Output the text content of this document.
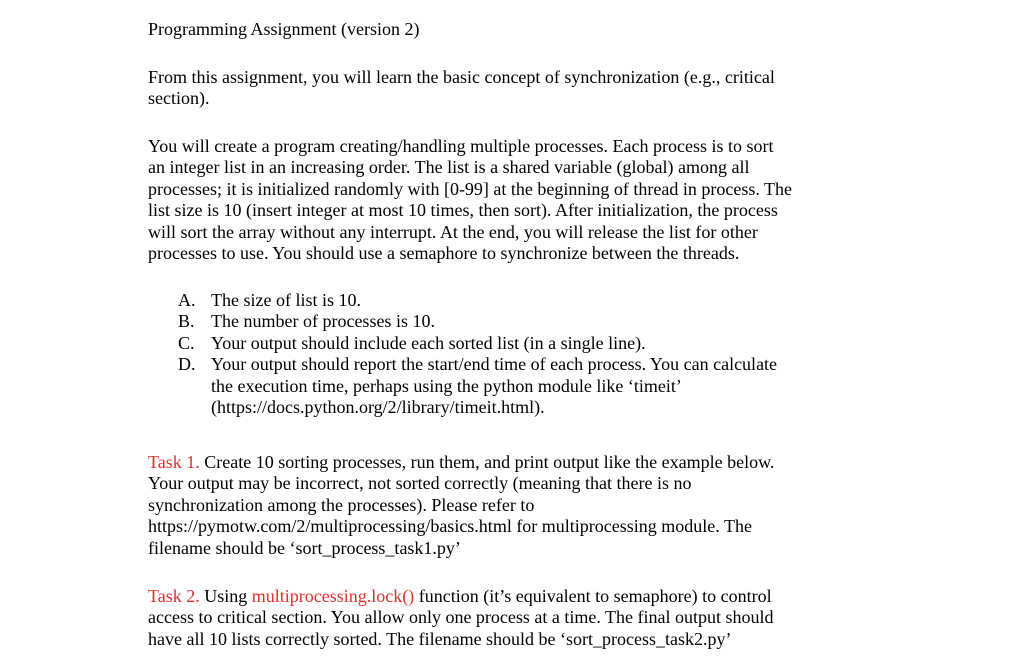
Programming Assignment (version 2)
From this assignment, you will learn the basic concept of synchronization (e.g., critical
section).
You will create a program creating/handling multiple processes. Each process is to sort
an integer list in an increasing order. The list is a shared variable (global) among all
processes; it is initialized randomly with [0-99] at the beginning of thread in process. The
list size is 10 (insert integer at most 10 times, then sort). After initialization, the process
will sort the array without any interrupt. At the end, you will release the list for other
processes to use. You should use a semaphore to synchronize between the threads.
A. The size of list is 10.
B. The number of processes is 10.
C. Your output should include each sorted list (in a single line).
D. Your output should report the start/end time of each process. You can calculate
the execution time, perhaps using the python module like ‘timeit’
(https://docs.python.org/2/library/timeit.html).
Task 1. Create 10 sorting processes, run them, and print output like the example below.
Your output may be incorrect, not sorted correctly (meaning that there is no
synchronization among the processes). Please refer to
https://pymotw.com/2/multiprocessing/basics.html for multiprocessing module. The
filename should be ‘sort_process_task1.py’
Task 2. Using multiprocessing.lock() function (it’s equivalent to semaphore) to control
access to critical section. You allow only one process at a time. The final output should
have all 10 lists correctly sorted. The filename should be ‘sort_process_task2.py’
